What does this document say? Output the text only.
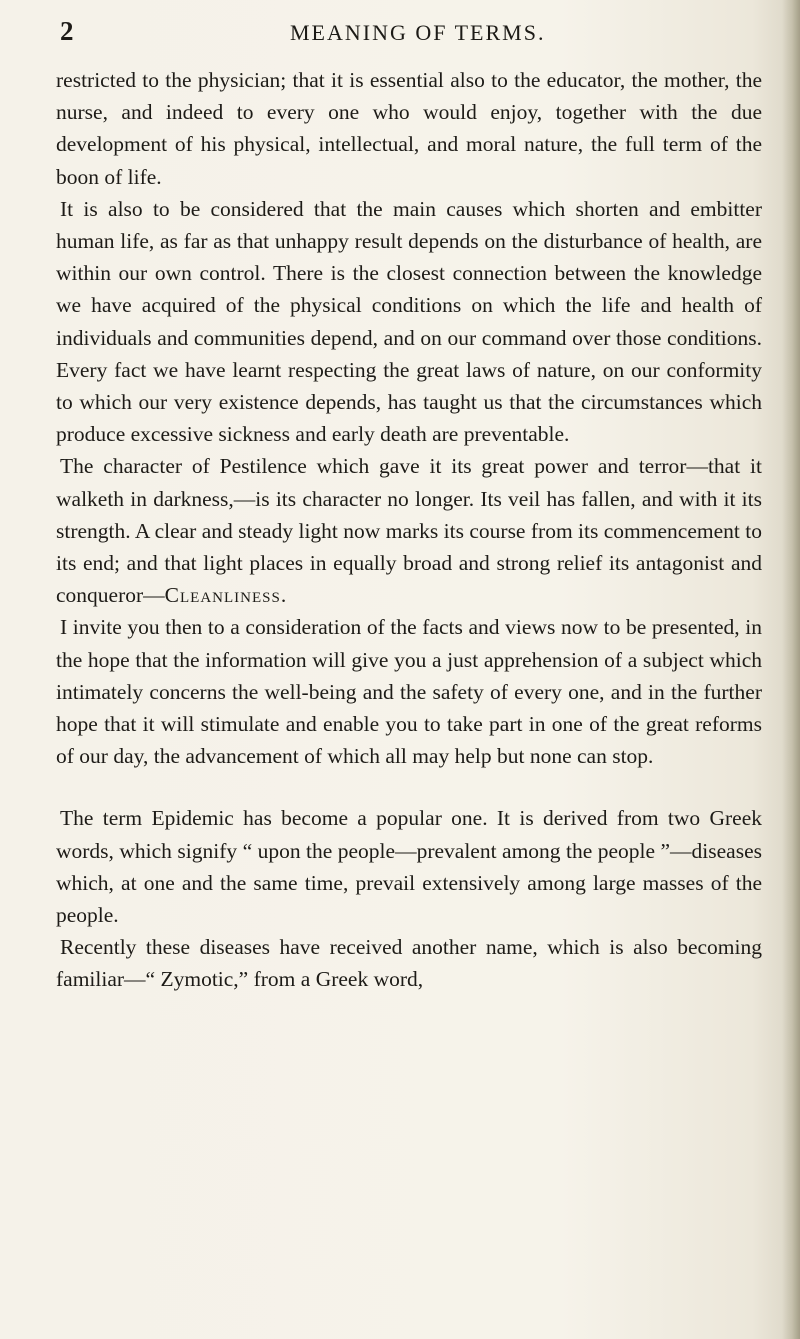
2	MEANING OF TERMS.

restricted to the physician; that it is essential also to the educator, the mother, the nurse, and indeed to every one who would enjoy, together with the due development of his physical, intellectual, and moral nature, the full term of the boon of life.

It is also to be considered that the main causes which shorten and embitter human life, as far as that unhappy result depends on the disturbance of health, are within our own control. There is the closest connection between the knowledge we have acquired of the physical conditions on which the life and health of individuals and communities depend, and on our command over those conditions. Every fact we have learnt respecting the great laws of nature, on our conformity to which our very existence depends, has taught us that the circumstances which produce excessive sickness and early death are preventable.

The character of Pestilence which gave it its great power and terror—that it walketh in darkness,—is its character no longer. Its veil has fallen, and with it its strength. A clear and steady light now marks its course from its commencement to its end; and that light places in equally broad and strong relief its antagonist and conqueror—Cleanliness.

I invite you then to a consideration of the facts and views now to be presented, in the hope that the information will give you a just apprehension of a subject which intimately concerns the well-being and the safety of every one, and in the further hope that it will stimulate and enable you to take part in one of the great reforms of our day, the advancement of which all may help but none can stop.

The term Epidemic has become a popular one. It is derived from two Greek words, which signify “ upon the people—prevalent among the people ”—diseases which, at one and the same time, prevail extensively among large masses of the people.

Recently these diseases have received another name, which is also becoming familiar—“ Zymotic,” from a Greek word,
